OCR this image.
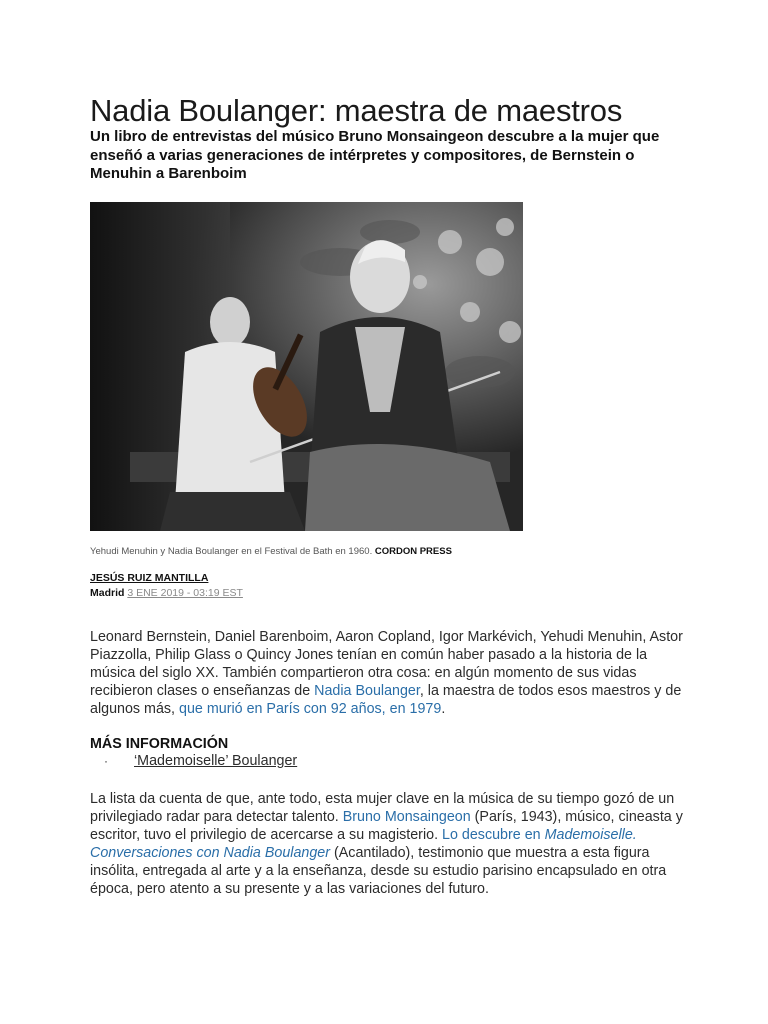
Nadia Boulanger: maestra de maestros

Un libro de entrevistas del músico Bruno Monsaingeon descubre a la mujer que enseñó a varias generaciones de intérpretes y compositores, de Bernstein o Menuhin a Barenboim

Yehudi Menuhin y Nadia Boulanger en el Festival de Bath en 1960. CORDON PRESS
JESÚS RUIZ MANTILLA
Madrid 3 ENE 2019 - 03:19 EST

Leonard Bernstein, Daniel Barenboim, Aaron Copland, Igor Markévich, Yehudi Menuhin, Astor Piazzolla, Philip Glass o Quincy Jones tenían en común haber pasado a la historia de la música del siglo XX. También compartieron otra cosa: en algún momento de sus vidas recibieron clases o enseñanzas de Nadia Boulanger, la maestra de todos esos maestros y de algunos más, que murió en París con 92 años, en 1979.

MÁS INFORMACIÓN
· ‘Mademoiselle’ Boulanger

La lista da cuenta de que, ante todo, esta mujer clave en la música de su tiempo gozó de un privilegiado radar para detectar talento. Bruno Monsaingeon (París, 1943), músico, cineasta y escritor, tuvo el privilegio de acercarse a su magisterio. Lo descubre en Mademoiselle. Conversaciones con Nadia Boulanger (Acantilado), testimonio que muestra a esta figura insólita, entregada al arte y a la enseñanza, desde su estudio parisino encapsulado en otra época, pero atento a su presente y a las variaciones del futuro.
